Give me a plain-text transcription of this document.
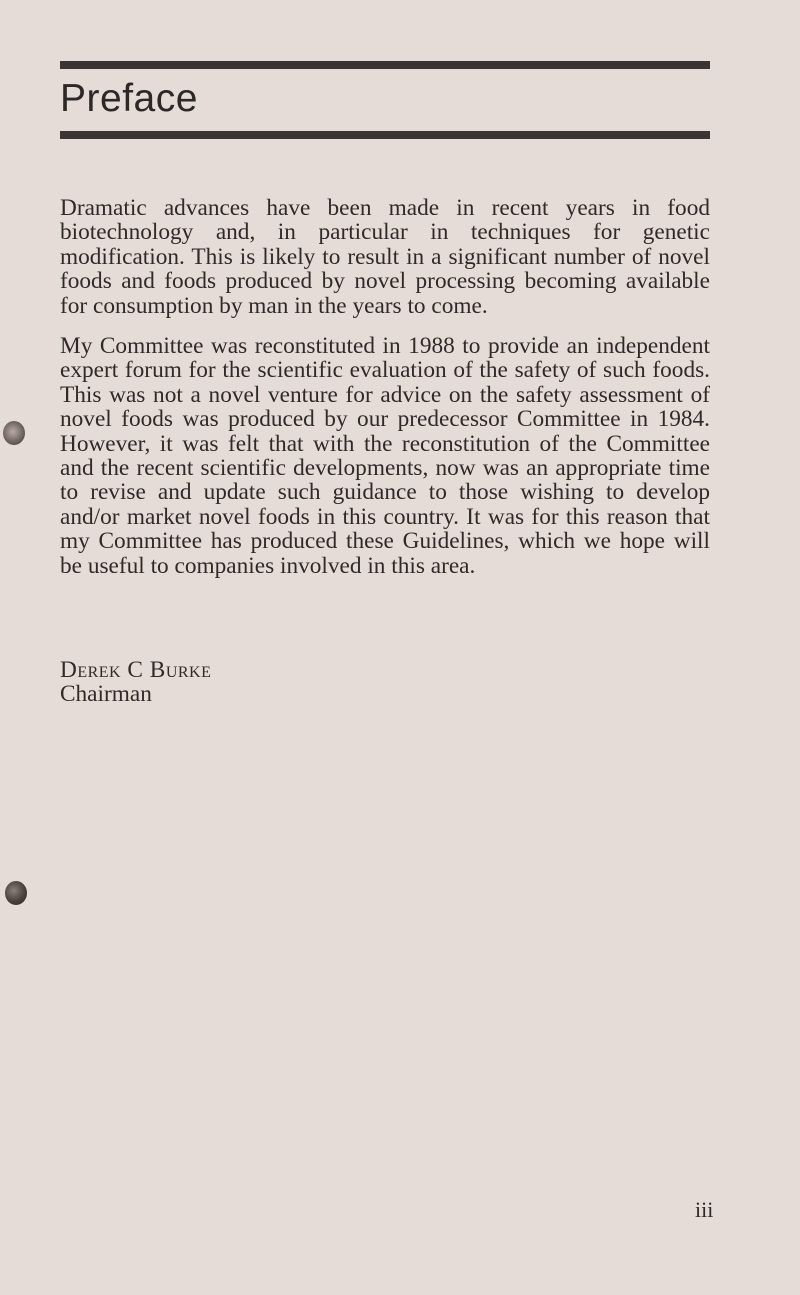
Preface

Dramatic advances have been made in recent years in food biotechnology and, in particular in techniques for genetic modification. This is likely to result in a significant number of novel foods and foods produced by novel processing becoming available for consumption by man in the years to come.

My Committee was reconstituted in 1988 to provide an independent expert forum for the scientific evaluation of the safety of such foods. This was not a novel venture for advice on the safety assessment of novel foods was produced by our predecessor Committee in 1984. However, it was felt that with the reconstitution of the Committee and the recent scientific developments, now was an appropriate time to revise and update such guidance to those wishing to develop and/or market novel foods in this country. It was for this reason that my Committee has produced these Guidelines, which we hope will be useful to companies involved in this area.

Derek C Burke
Chairman
iii
